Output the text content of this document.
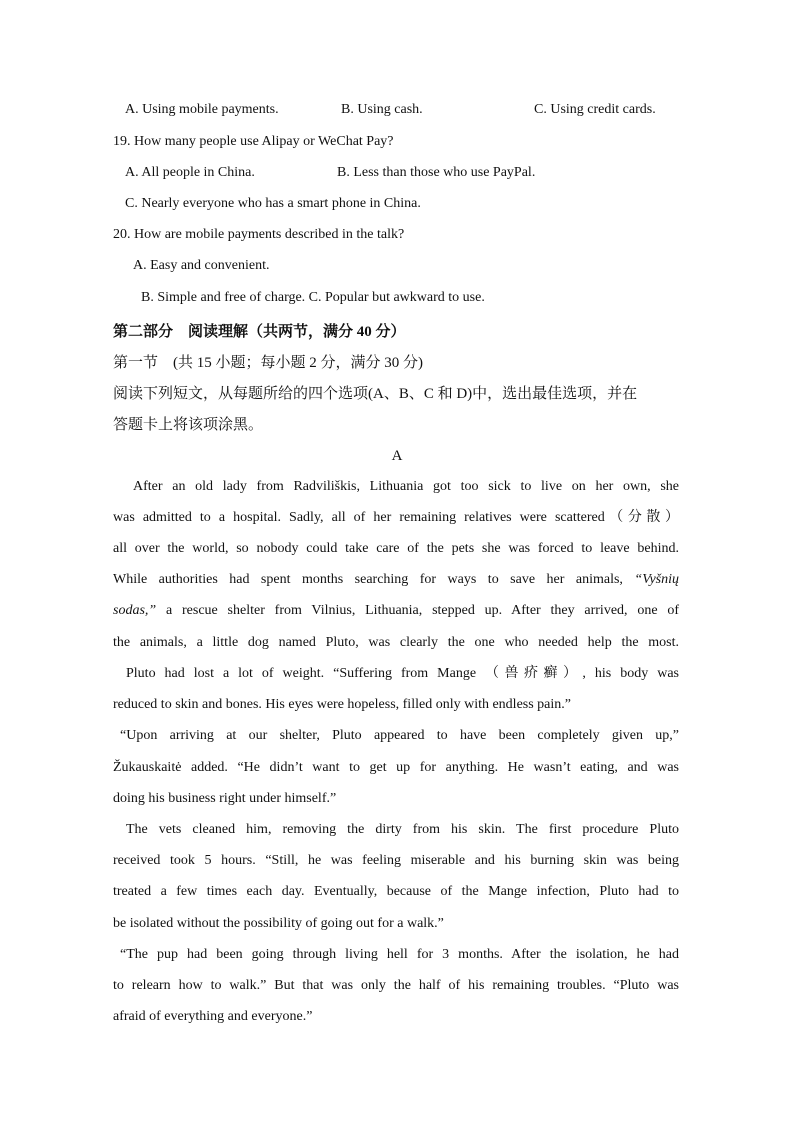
A. Using mobile payments.	B. Using cash.	C. Using credit cards.
19. How many people use Alipay or WeChat Pay?
A. All people in China.	B. Less than those who use PayPal.
C. Nearly everyone who has a smart phone in China.
20. How are mobile payments described in the talk?
A. Easy and convenient.
B. Simple and free of charge. C. Popular but awkward to use.
第二部分　阅读理解（共两节，满分 40 分）
第一节　(共 15 小题；每小题 2 分，满分 30 分)
阅读下列短文，从每题所给的四个选项(A、B、C 和 D)中，选出最佳选项，并在
答题卡上将该项涂黑。
A
After an old lady from Radviliškis, Lithuania got too sick to live on her own, she
was admitted to a hospital. Sadly, all of her remaining relatives were scattered（分散）
all over the world, so nobody could take care of the pets she was forced to leave behind.
While authorities had spent months searching for ways to save her animals, “Vyšnių
sodas,” a rescue shelter from Vilnius, Lithuania, stepped up. After they arrived, one of
the animals, a little dog named Pluto, was clearly the one who needed help the most.
Pluto had lost a lot of weight. “Suffering from Mange （兽疥癣）, his body was
reduced to skin and bones. His eyes were hopeless, filled only with endless pain.”
“Upon arriving at our shelter, Pluto appeared to have been completely given up,”
Žukauskaitė added. “He didn’t want to get up for anything. He wasn’t eating, and was
doing his business right under himself.”
The vets cleaned him, removing the dirty from his skin. The first procedure Pluto
received took 5 hours. “Still, he was feeling miserable and his burning skin was being
treated a few times each day. Eventually, because of the Mange infection, Pluto had to
be isolated without the possibility of going out for a walk.”
“The pup had been going through living hell for 3 months. After the isolation, he had
to relearn how to walk.” But that was only the half of his remaining troubles. “Pluto was
afraid of everything and everyone.”
